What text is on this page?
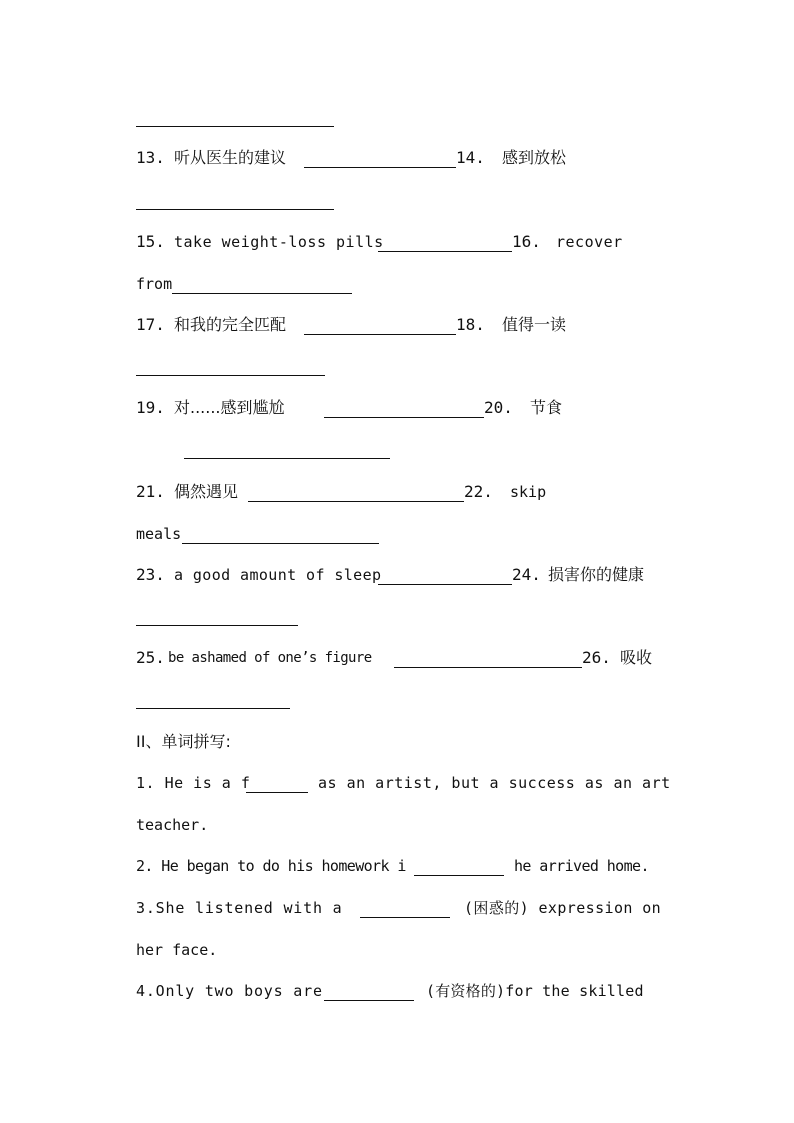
13. 听从医生的建议	14. 感到放松
15. take weight-loss pills	16. recover
from
17. 和我的完全匹配	18. 值得一读
19. 对......感到尴尬	20. 节食
21. 偶然遇见	22. skip
meals
23. a good amount of sleep	24. 损害你的健康
25. be ashamed of one’s figure	26. 吸收
II、单词拼写:
1. He is a f	as an artist, but a success as an art
teacher.
2. He began to do his homework i	he arrived home.
3.She listened with a	(困惑的) expression on
her face.
4.Only two boys are	(有资格的)for the skilled
